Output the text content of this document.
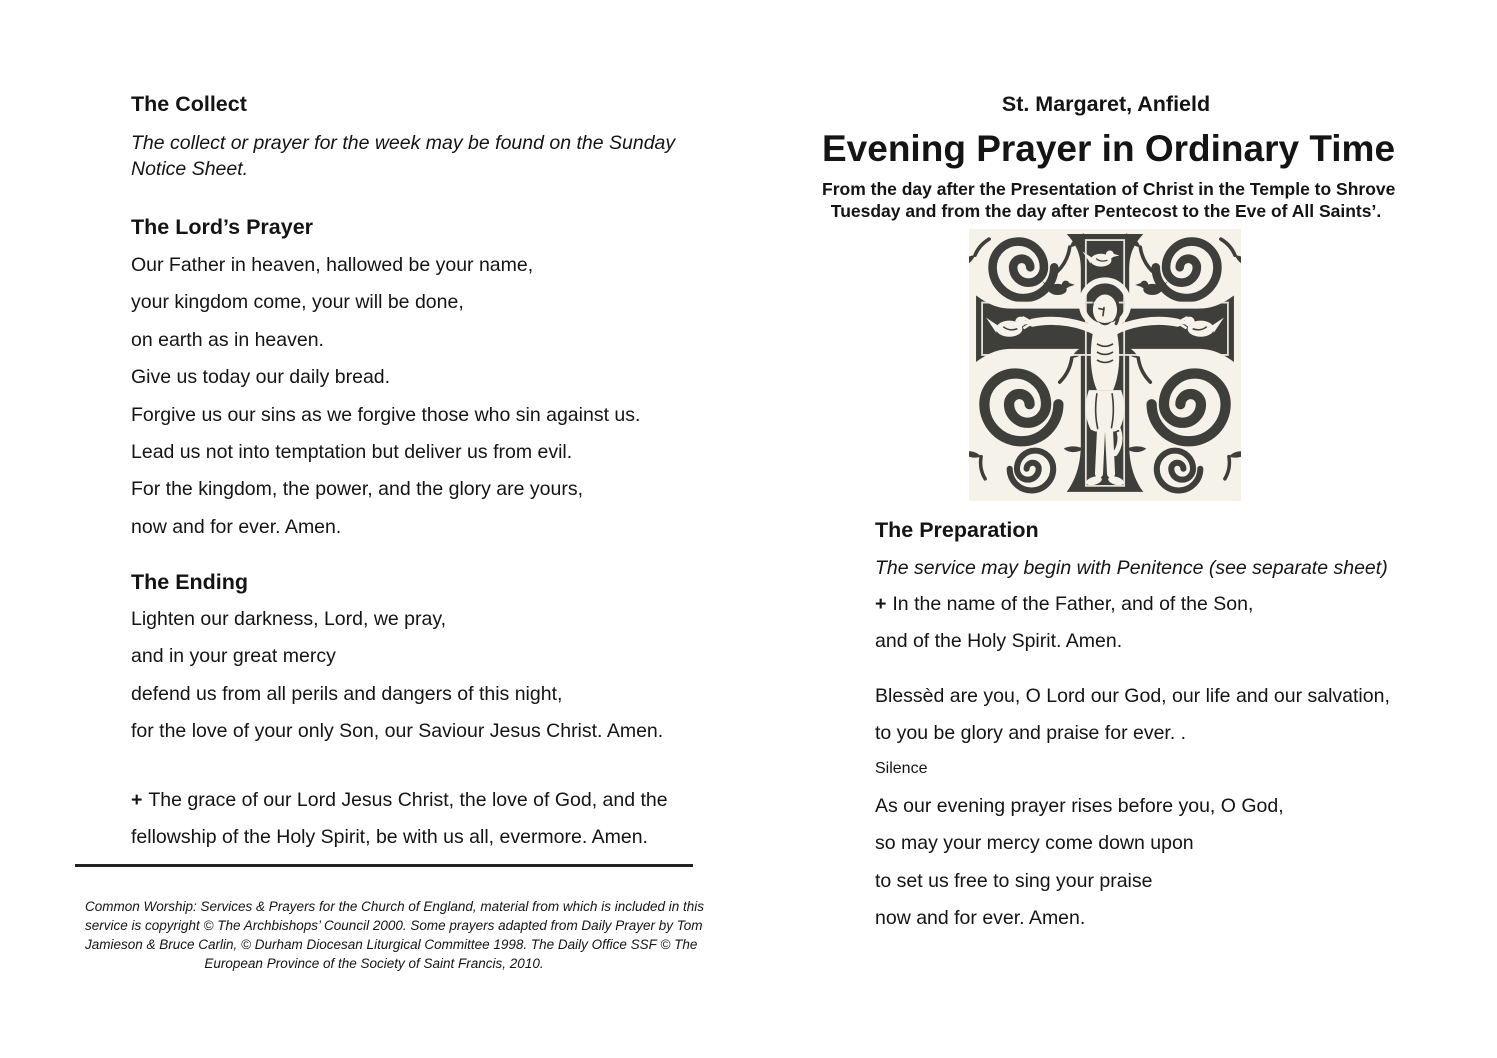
The Collect
The collect or prayer for the week may be found on the Sunday
Notice Sheet.
The Lord’s Prayer
Our Father in heaven, hallowed be your name,
your kingdom come, your will be done,
on earth as in heaven.
Give us today our daily bread.
Forgive us our sins as we forgive those who sin against us.
Lead us not into temptation but deliver us from evil.
For the kingdom, the power, and the glory are yours,
now and for ever. Amen.
The Ending
Lighten our darkness, Lord, we pray,
and in your great mercy
defend us from all perils and dangers of this night,
for the love of your only Son, our Saviour Jesus Christ. Amen.
+ The grace of our Lord Jesus Christ, the love of God, and the
fellowship of the Holy Spirit, be with us all, evermore. Amen.
Common Worship: Services & Prayers for the Church of England, material from which is included in this
service is copyright © The Archbishops’ Council 2000. Some prayers adapted from Daily Prayer by Tom
Jamieson & Bruce Carlin, © Durham Diocesan Liturgical Committee 1998. The Daily Office SSF © The
European Province of the Society of Saint Francis, 2010.
St. Margaret, Anfield
Evening Prayer in Ordinary Time
From the day after the Presentation of Christ in the Temple to Shrove
Tuesday and from the day after Pentecost to the Eve of All Saints’.
The Preparation
The service may begin with Penitence (see separate sheet)
+ In the name of the Father, and of the Son,
and of the Holy Spirit. Amen.
Blessèd are you, O Lord our God, our life and our salvation,
to you be glory and praise for ever. .
Silence
As our evening prayer rises before you, O God,
so may your mercy come down upon
to set us free to sing your praise
now and for ever. Amen.
